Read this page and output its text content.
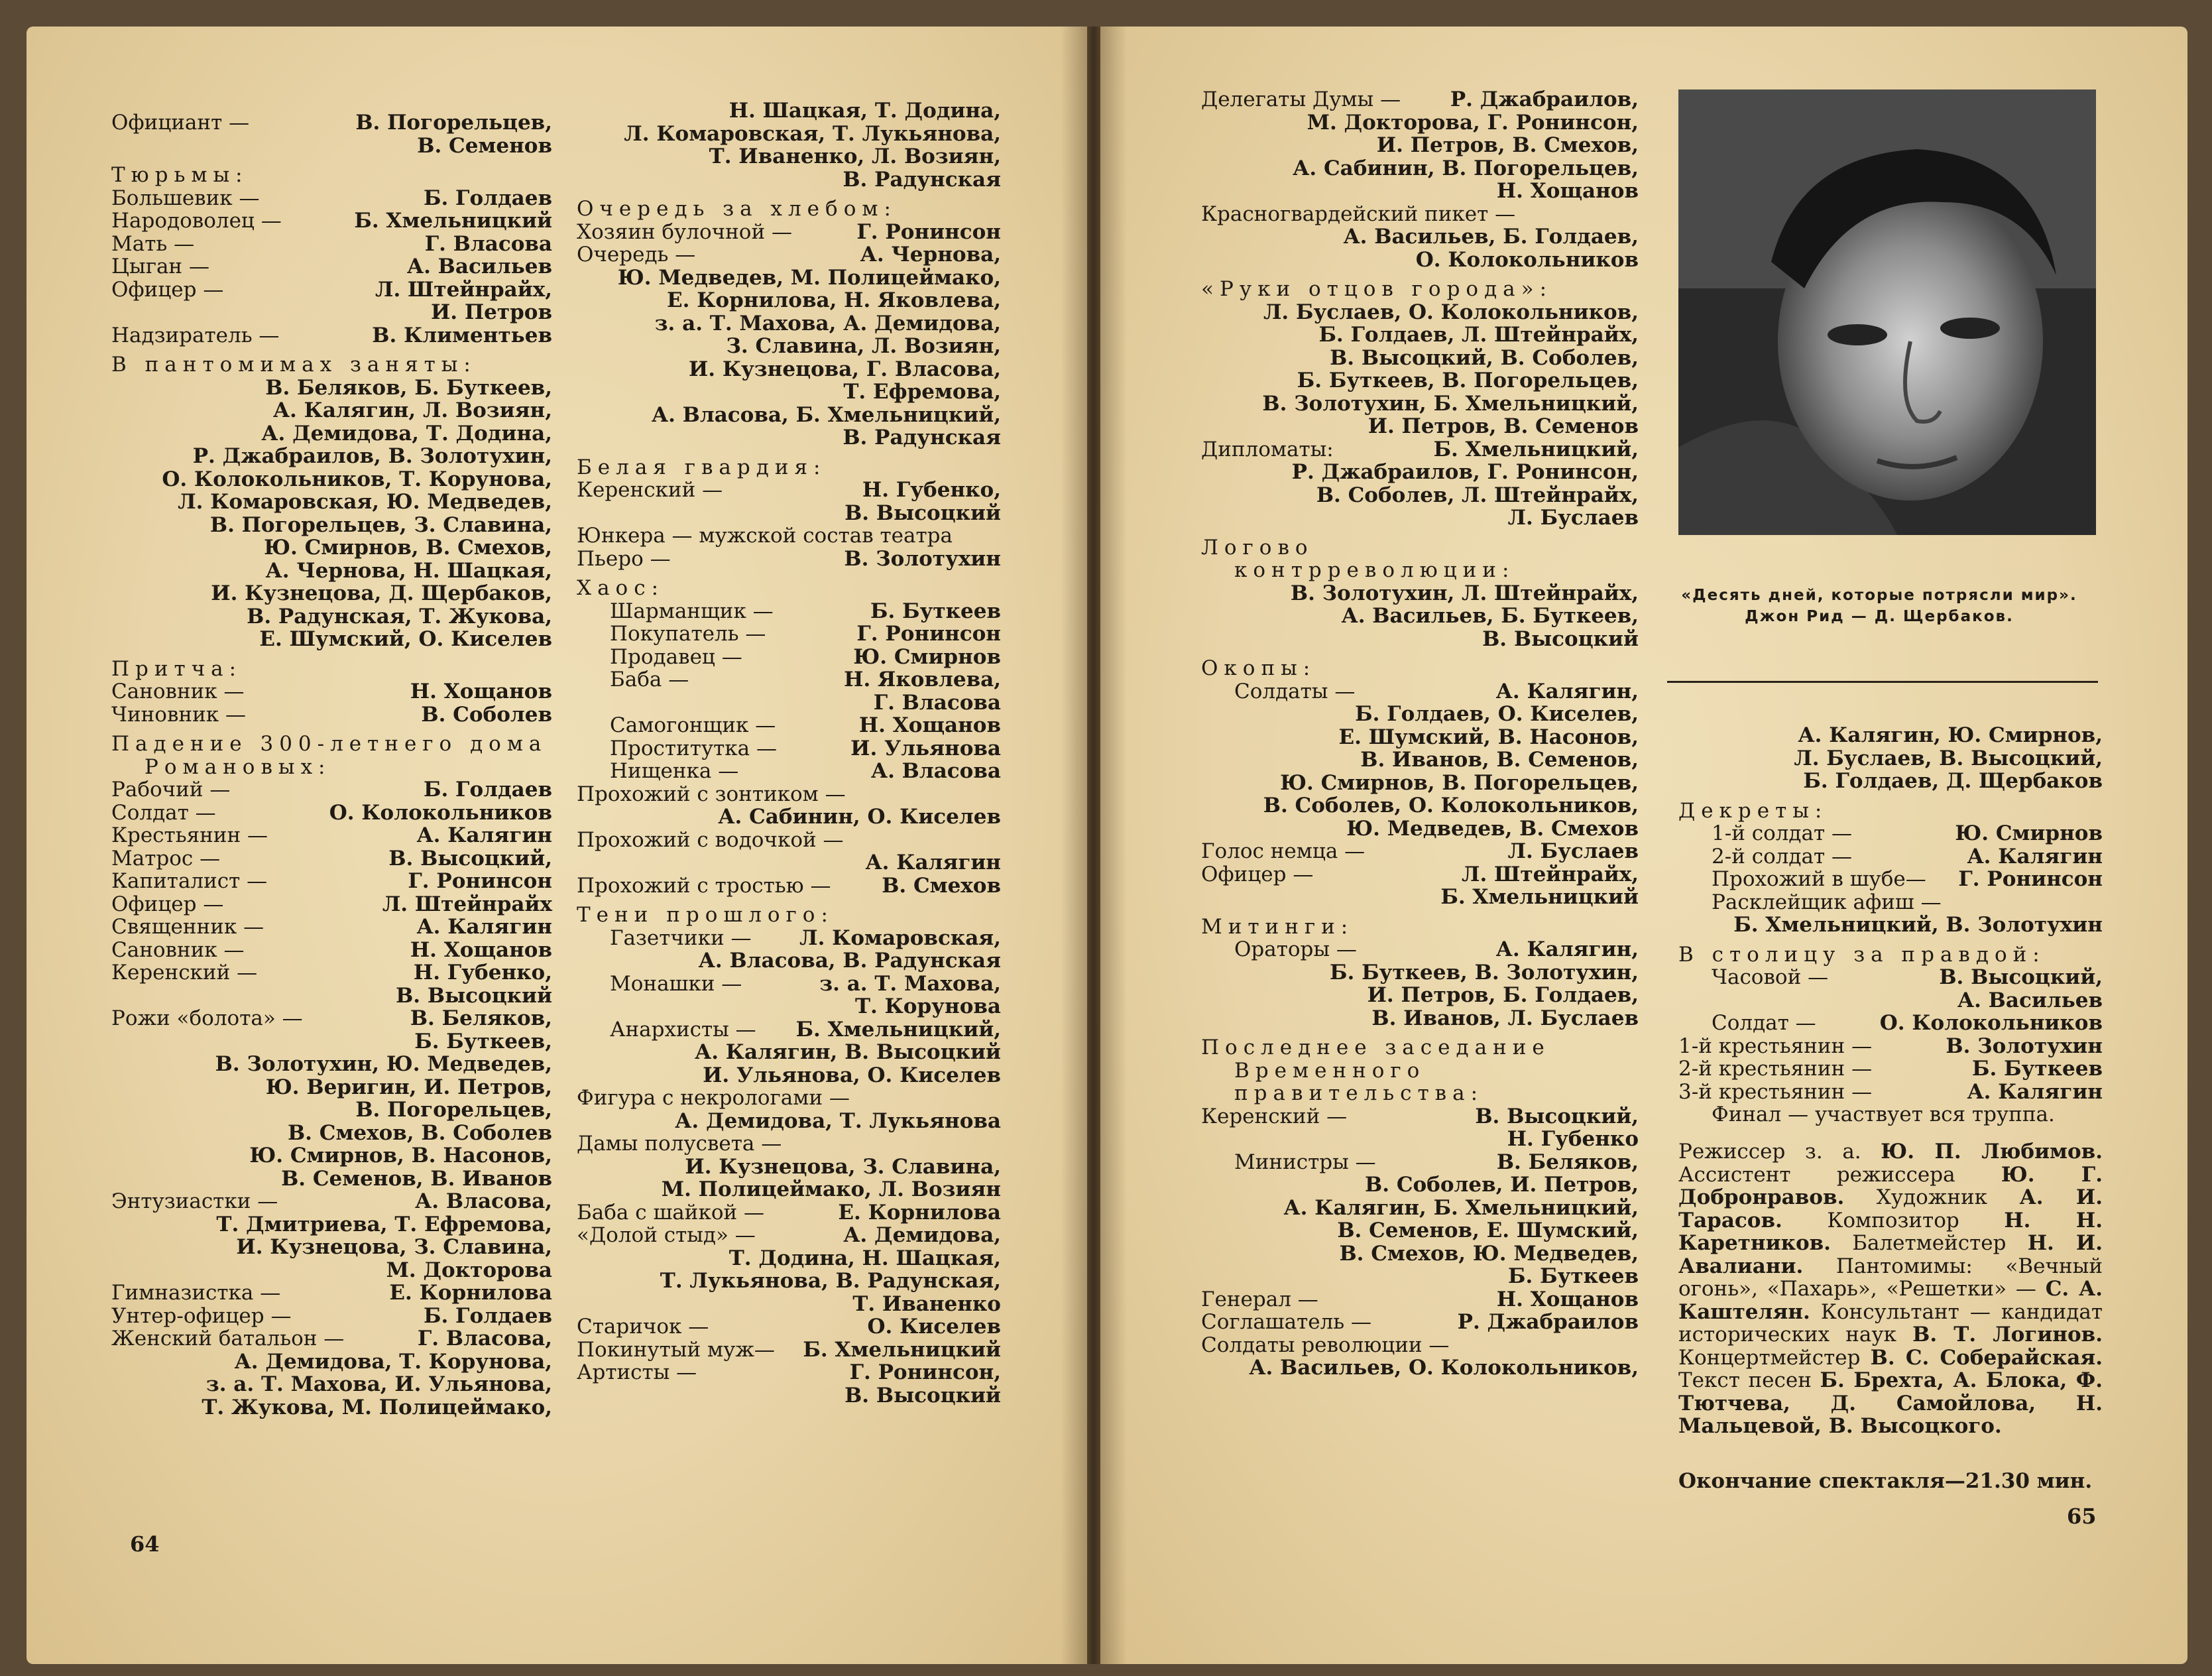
Официант —	В. Погорельцев,
В. Семенов
Тюрьмы:
Большевик —	Б. Голдаев
Народоволец —	Б. Хмельницкий
Мать —	Г. Власова
Цыган —	А. Васильев
Офицер —	Л. Штейнрайх,
И. Петров
Надзиратель —	В. Климентьев
В пантомимах заняты:
В. Беляков, Б. Буткеев,
А. Калягин, Л. Возиян,
А. Демидова, Т. Додина,
Р. Джабраилов, В. Золотухин,
О. Колокольников, Т. Корунова,
Л. Комаровская, Ю. Медведев,
В. Погорельцев, З. Славина,
Ю. Смирнов, В. Смехов,
А. Чернова, Н. Шацкая,
И. Кузнецова, Д. Щербаков,
В. Радунская, Т. Жукова,
Е. Шумский, О. Киселев
Притча:
Сановник —	Н. Хощанов
Чиновник —	В. Соболев
Падение 300-летнего дома
Романовых:
Рабочий —	Б. Голдаев
Солдат —	О. Колокольников
Крестьянин —	А. Калягин
Матрос —	В. Высоцкий,
Капиталист —	Г. Ронинсон
Офицер —	Л. Штейнрайх
Священник —	А. Калягин
Сановник —	Н. Хощанов
Керенский —	Н. Губенко,
В. Высоцкий
Рожи «болота» —	В. Беляков,
Б. Буткеев,
В. Золотухин, Ю. Медведев,
Ю. Веригин, И. Петров,
В. Погорельцев,
В. Смехов, В. Соболев
Ю. Смирнов, В. Насонов,
В. Семенов, В. Иванов
Энтузиастки —	А. Власова,
Т. Дмитриева, Т. Ефремова,
И. Кузнецова, З. Славина,
М. Докторова
Гимназистка —	Е. Корнилова
Унтер-офицер —	Б. Голдаев
Женский батальон —	Г. Власова,
А. Демидова, Т. Корунова,
з. а. Т. Махова, И. Ульянова,
Т. Жукова, М. Полицеймако,
Н. Шацкая, Т. Додина,
Л. Комаровская, Т. Лукьянова,
Т. Иваненко, Л. Возиян,
В. Радунская
Очередь за хлебом:
Хозяин булочной —	Г. Ронинсон
Очередь —	А. Чернова,
Ю. Медведев, М. Полицеймако,
Е. Корнилова, Н. Яковлева,
з. а. Т. Махова, А. Демидова,
З. Славина, Л. Возиян,
И. Кузнецова, Г. Власова,
Т. Ефремова,
А. Власова, Б. Хмельницкий,
В. Радунская
Белая гвардия:
Керенский —	Н. Губенко,
В. Высоцкий
Юнкера — мужской состав театра
Пьеро —	В. Золотухин
Хаос:
Шарманщик —	Б. Буткеев
Покупатель —	Г. Ронинсон
Продавец —	Ю. Смирнов
Баба —	Н. Яковлева,
Г. Власова
Самогонщик —	Н. Хощанов
Проститутка —	И. Ульянова
Нищенка —	А. Власова
Прохожий с зонтиком —
А. Сабинин, О. Киселев
Прохожий с водочкой —
А. Калягин
Прохожий с тростью — В. Смехов
Тени прошлого:
Газетчики — Л. Комаровская,
А. Власова, В. Радунская
Монашки —	з. а. Т. Махова,
Т. Корунова
Анархисты — Б. Хмельницкий,
А. Калягин, В. Высоцкий
И. Ульянова, О. Киселев
Фигура с некрологами —
А. Демидова, Т. Лукьянова
Дамы полусвета —
И. Кузнецова, З. Славина,
М. Полицеймако, Л. Возиян
Баба с шайкой —	Е. Корнилова
«Долой стыд» —	А. Демидова,
Т. Додина, Н. Шацкая,
Т. Лукьянова, В. Радунская,
Т. Иваненко
Старичок —	О. Киселев
Покинутый муж— Б. Хмельницкий
Артисты —	Г. Ронинсон,
В. Высоцкий
64
Делегаты Думы — Р. Джабраилов,
М. Докторова, Г. Ронинсон,
И. Петров, В. Смехов,
А. Сабинин, В. Погорельцев,
Н. Хощанов
Красногвардейский пикет —
А. Васильев, Б. Голдаев,
О. Колокольников
«Руки отцов города»:
Л. Буслаев, О. Колокольников,
Б. Голдаев, Л. Штейнрайх,
В. Высоцкий, В. Соболев,
Б. Буткеев, В. Погорельцев,
В. Золотухин, Б. Хмельницкий,
И. Петров, В. Семенов
Дипломаты:	Б. Хмельницкий,
Р. Джабраилов, Г. Ронинсон,
В. Соболев, Л. Штейнрайх,
Л. Буслаев
Логово
контрреволюции:
В. Золотухин, Л. Штейнрайх,
А. Васильев, Б. Буткеев,
В. Высоцкий
Окопы:
Солдаты —	А. Калягин,
Б. Голдаев, О. Киселев,
Е. Шумский, В. Насонов,
В. Иванов, В. Семенов,
Ю. Смирнов, В. Погорельцев,
В. Соболев, О. Колокольников,
Ю. Медведев, В. Смехов
Голос немца —	Л. Буслаев
Офицер —	Л. Штейнрайх,
Б. Хмельницкий
Митинги:
Ораторы —	А. Калягин,
Б. Буткеев, В. Золотухин,
И. Петров, Б. Голдаев,
В. Иванов, Л. Буслаев
Последнее заседание
Временного
правительства:
Керенский —	В. Высоцкий,
Н. Губенко
Министры —	В. Беляков,
В. Соболев, И. Петров,
А. Калягин, Б. Хмельницкий,
В. Семенов, Е. Шумский,
В. Смехов, Ю. Медведев,
Б. Буткеев
Генерал —	Н. Хощанов
Соглашатель —	Р. Джабраилов
Солдаты революции —
А. Васильев, О. Колокольников,
«Десять дней, которые потрясли мир». Джон Рид — Д. Щербаков.
А. Калягин, Ю. Смирнов,
Л. Буслаев, В. Высоцкий,
Б. Голдаев, Д. Щербаков
Декреты:
1-й солдат —	Ю. Смирнов
2-й солдат —	А. Калягин
Прохожий в шубе— Г. Ронинсон
Расклейщик афиш —
Б. Хмельницкий, В. Золотухин
В столицу за правдой:
Часовой —	В. Высоцкий,
А. Васильев
Солдат —	О. Колокольников
1-й крестьянин —	В. Золотухин
2-й крестьянин —	Б. Буткеев
3-й крестьянин —	А. Калягин
Финал — участвует вся труппа.
Режиссер з. а. Ю. П. Любимов. Ассистент режиссера Ю. Г. Добронравов. Художник А. И. Тарасов. Композитор Н. Н. Каретников. Балетмейстер Н. И. Авалиани. Пантомимы: «Вечный огонь», «Пахарь», «Решетки» — С. А. Каштелян. Консультант — кандидат исторических наук В. Т. Логинов. Концертмейстер В. С. Соберайская. Текст песен Б. Брехта, А. Блока, Ф. Тютчева, Д. Самойлова, Н. Мальцевой, В. Высоцкого.
Окончание спектакля—21.30 мин.
65
